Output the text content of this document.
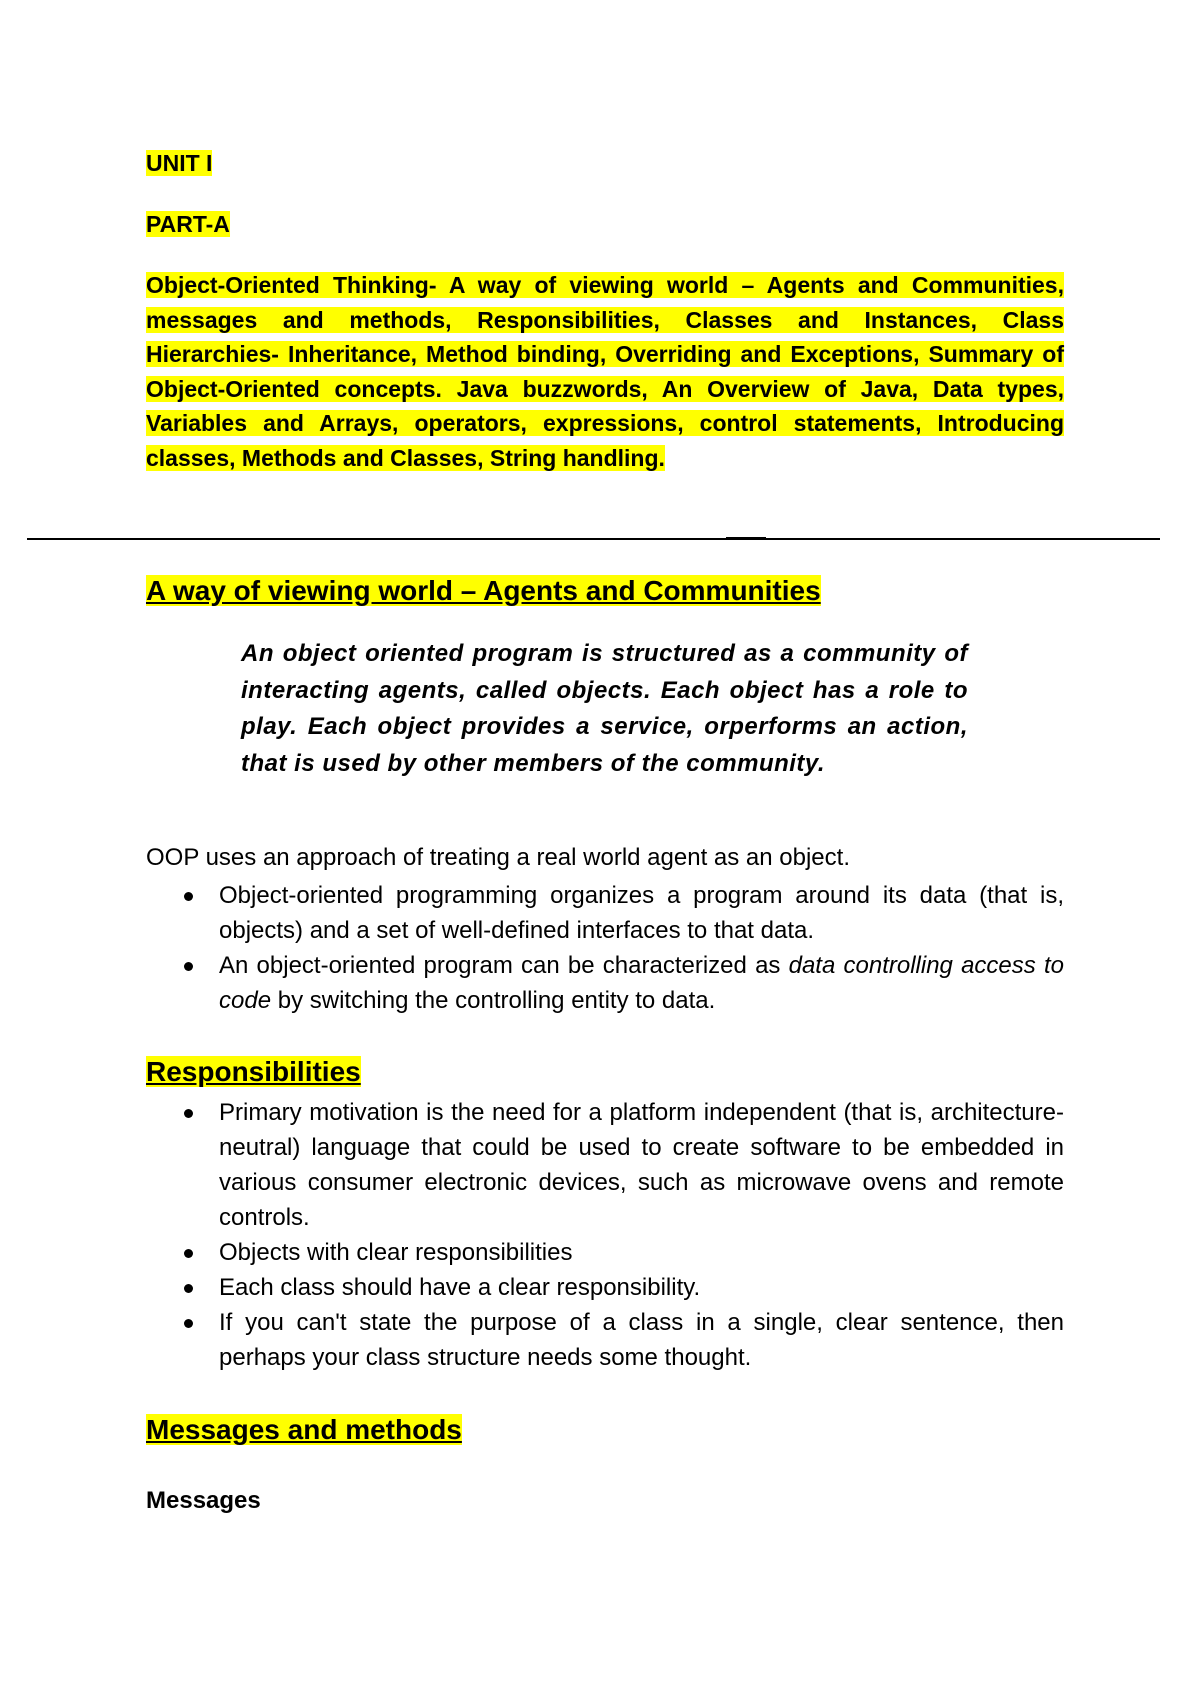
UNIT I
PART-A
Object-Oriented Thinking- A way of viewing world – Agents and Communities, messages and methods, Responsibilities, Classes and Instances, Class Hierarchies- Inheritance, Method binding, Overriding and Exceptions, Summary of Object-Oriented concepts. Java buzzwords, An Overview of Java, Data types, Variables and Arrays, operators, expressions, control statements, Introducing classes, Methods and Classes, String handling.
A way of viewing world – Agents and Communities
An object oriented program is structured as a community of interacting agents, called objects. Each object has a role to play. Each object provides a service, orperforms an action, that is used by other members of the community.
OOP uses an approach of treating a real world agent as an object.
Object-oriented programming organizes a program around its data (that is, objects) and a set of well-defined interfaces to that data.
An object-oriented program can be characterized as data controlling access to code by switching the controlling entity to data.
Responsibilities
Primary motivation is the need for a platform independent (that is, architecture- neutral) language that could be used to create software to be embedded in various consumer electronic devices, such as microwave ovens and remote controls.
Objects with clear responsibilities
Each class should have a clear responsibility.
If you can't state the purpose of a class in a single, clear sentence, then perhaps your class structure needs some thought.
Messages and methods
Messages
